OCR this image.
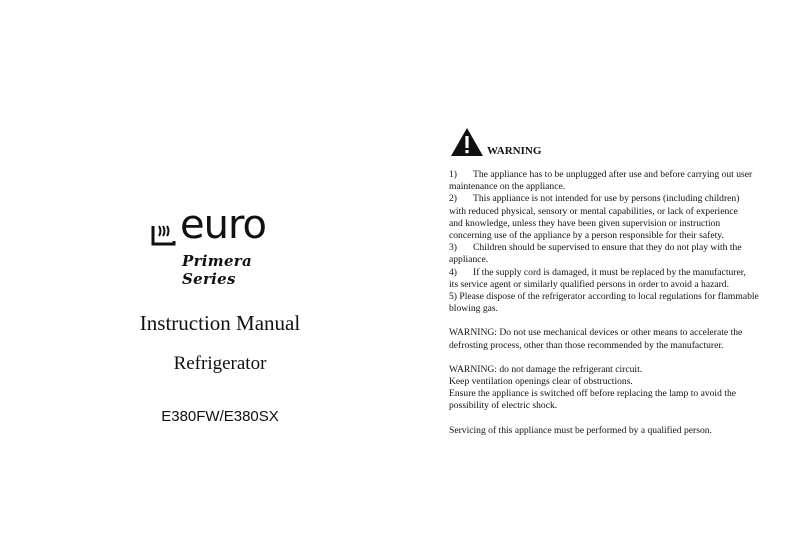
euro
Primera Series
Instruction Manual
Refrigerator
E380FW/E380SX
WARNING
1) The appliance has to be unplugged after use and before carrying out user
maintenance on the appliance.
2) This appliance is not intended for use by persons (including children)
with reduced physical, sensory or mental capabilities, or lack of experience
and knowledge, unless they have been given supervision or instruction
concerning use of the appliance by a person responsible for their safety.
3) Children should be supervised to ensure that they do not play with the
appliance.
4) If the supply cord is damaged, it must be replaced by the manufacturer,
its service agent or similarly qualified persons in order to avoid a hazard.
5) Please dispose of the refrigerator according to local regulations for flammable
blowing gas.
WARNING: Do not use mechanical devices or other means to accelerate the
defrosting process, other than those recommended by the manufacturer.
WARNING: do not damage the refrigerant circuit.
Keep ventilation openings clear of obstructions.
Ensure the appliance is switched off before replacing the lamp to avoid the
possibility of electric shock.
Servicing of this appliance must be performed by a qualified person.
